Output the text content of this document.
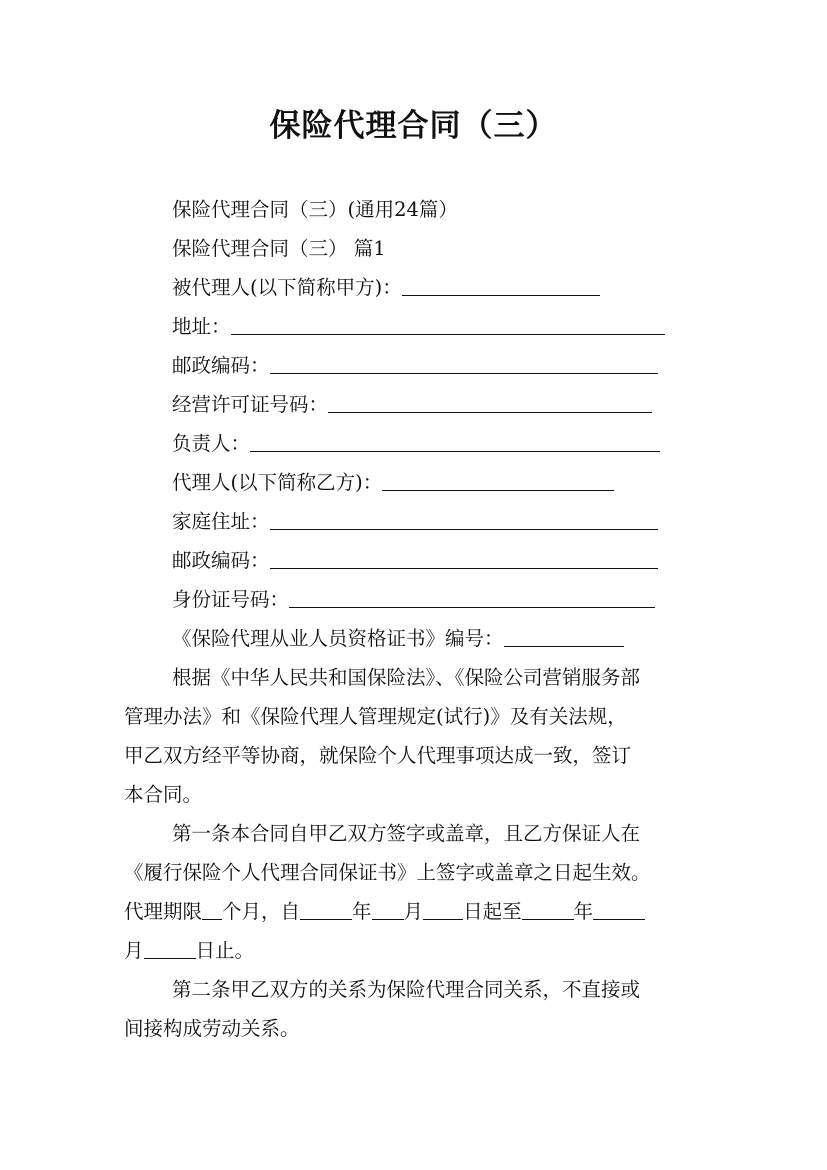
保险代理合同（三）
保险代理合同（三）(通用24篇）
保险代理合同（三） 篇1
被代理人(以下简称甲方)：
地址：
邮政编码：
经营许可证号码：
负责人：
代理人(以下简称乙方)：
家庭住址：
邮政编码：
身份证号码：
《保险代理从业人员资格证书》编号：
根据《中华人民共和国保险法》、《保险公司营销服务部
管理办法》和《保险代理人管理规定(试行)》及有关法规，
甲乙双方经平等协商，就保险个人代理事项达成一致，签订
本合同。
第一条本合同自甲乙双方签字或盖章，且乙方保证人在
《履行保险个人代理合同保证书》上签字或盖章之日起生效。
代理期限 个月，自	年 月 日起至	年
月	日止。
第二条甲乙双方的关系为保险代理合同关系，不直接或
间接构成劳动关系。
